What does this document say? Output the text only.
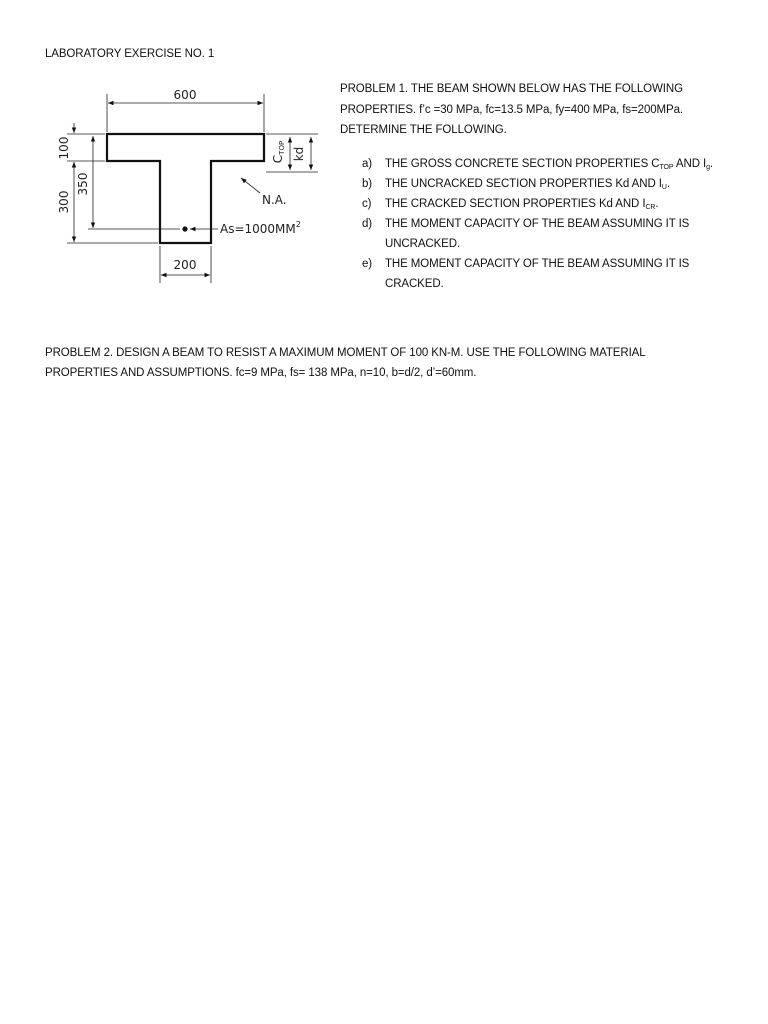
LABORATORY EXERCISE NO. 1
PROBLEM 1. THE BEAM SHOWN BELOW HAS THE FOLLOWING
PROPERTIES. f’c =30 MPa, fc=13.5 MPa, fy=400 MPa, fs=200MPa.
DETERMINE THE FOLLOWING.
a)	THE GROSS CONCRETE SECTION PROPERTIES $C_{TOP}$ AND $I_g$.
b)	THE UNCRACKED SECTION PROPERTIES Kd AND $I_U$.
c)	THE CRACKED SECTION PROPERTIES Kd AND $I_{CR}$.
d)	THE MOMENT CAPACITY OF THE BEAM ASSUMING IT IS
UNCRACKED.
e)	THE MOMENT CAPACITY OF THE BEAM ASSUMING IT IS
CRACKED.
600
200
100
300
350
CTOP kd
N.A.
$As=1000MM^2$
PROBLEM 2. DESIGN A BEAM TO RESIST A MAXIMUM MOMENT OF 100 KN-M. USE THE FOLLOWING MATERIAL
PROPERTIES AND ASSUMPTIONS. fc=9 MPa, fs= 138 MPa, n=10, b=d/2, d’=60mm.
